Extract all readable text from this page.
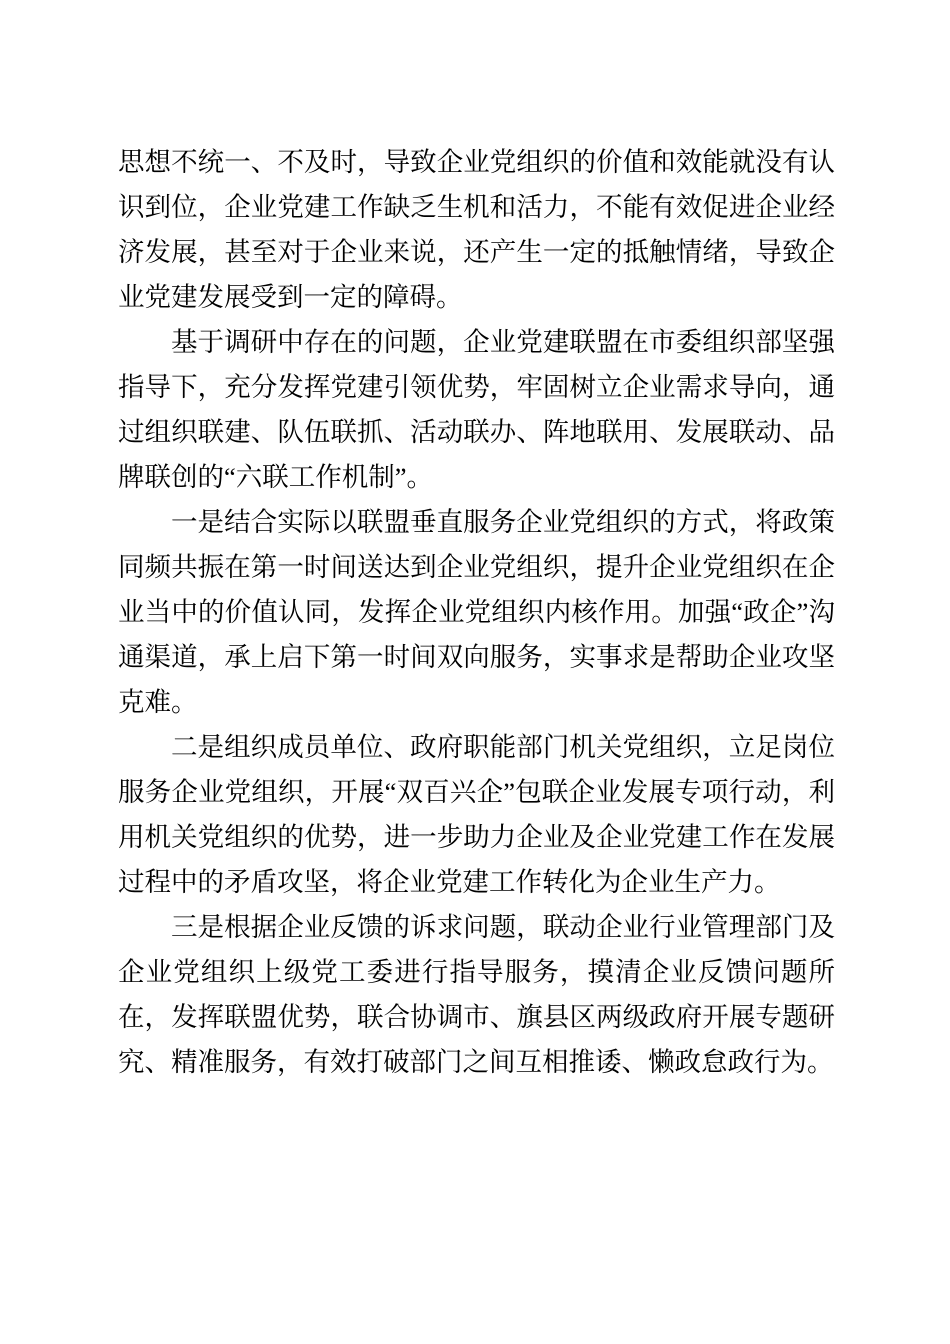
思想不统一、不及时，导致企业党组织的价值和效能就没有认识到位，企业党建工作缺乏生机和活力，不能有效促进企业经济发展，甚至对于企业来说，还产生一定的抵触情绪，导致企业党建发展受到一定的障碍。

基于调研中存在的问题，企业党建联盟在市委组织部坚强指导下，充分发挥党建引领优势，牢固树立企业需求导向，通过组织联建、队伍联抓、活动联办、阵地联用、发展联动、品牌联创的“六联工作机制”。

一是结合实际以联盟垂直服务企业党组织的方式，将政策同频共振在第一时间送达到企业党组织，提升企业党组织在企业当中的价值认同，发挥企业党组织内核作用。加强“政企”沟通渠道，承上启下第一时间双向服务，实事求是帮助企业攻坚克难。

二是组织成员单位、政府职能部门机关党组织，立足岗位服务企业党组织，开展“双百兴企”包联企业发展专项行动，利用机关党组织的优势，进一步助力企业及企业党建工作在发展过程中的矛盾攻坚，将企业党建工作转化为企业生产力。

三是根据企业反馈的诉求问题，联动企业行业管理部门及企业党组织上级党工委进行指导服务，摸清企业反馈问题所在，发挥联盟优势，联合协调市、旗县区两级政府开展专题研究、精准服务，有效打破部门之间互相推诿、懒政怠政行为。
